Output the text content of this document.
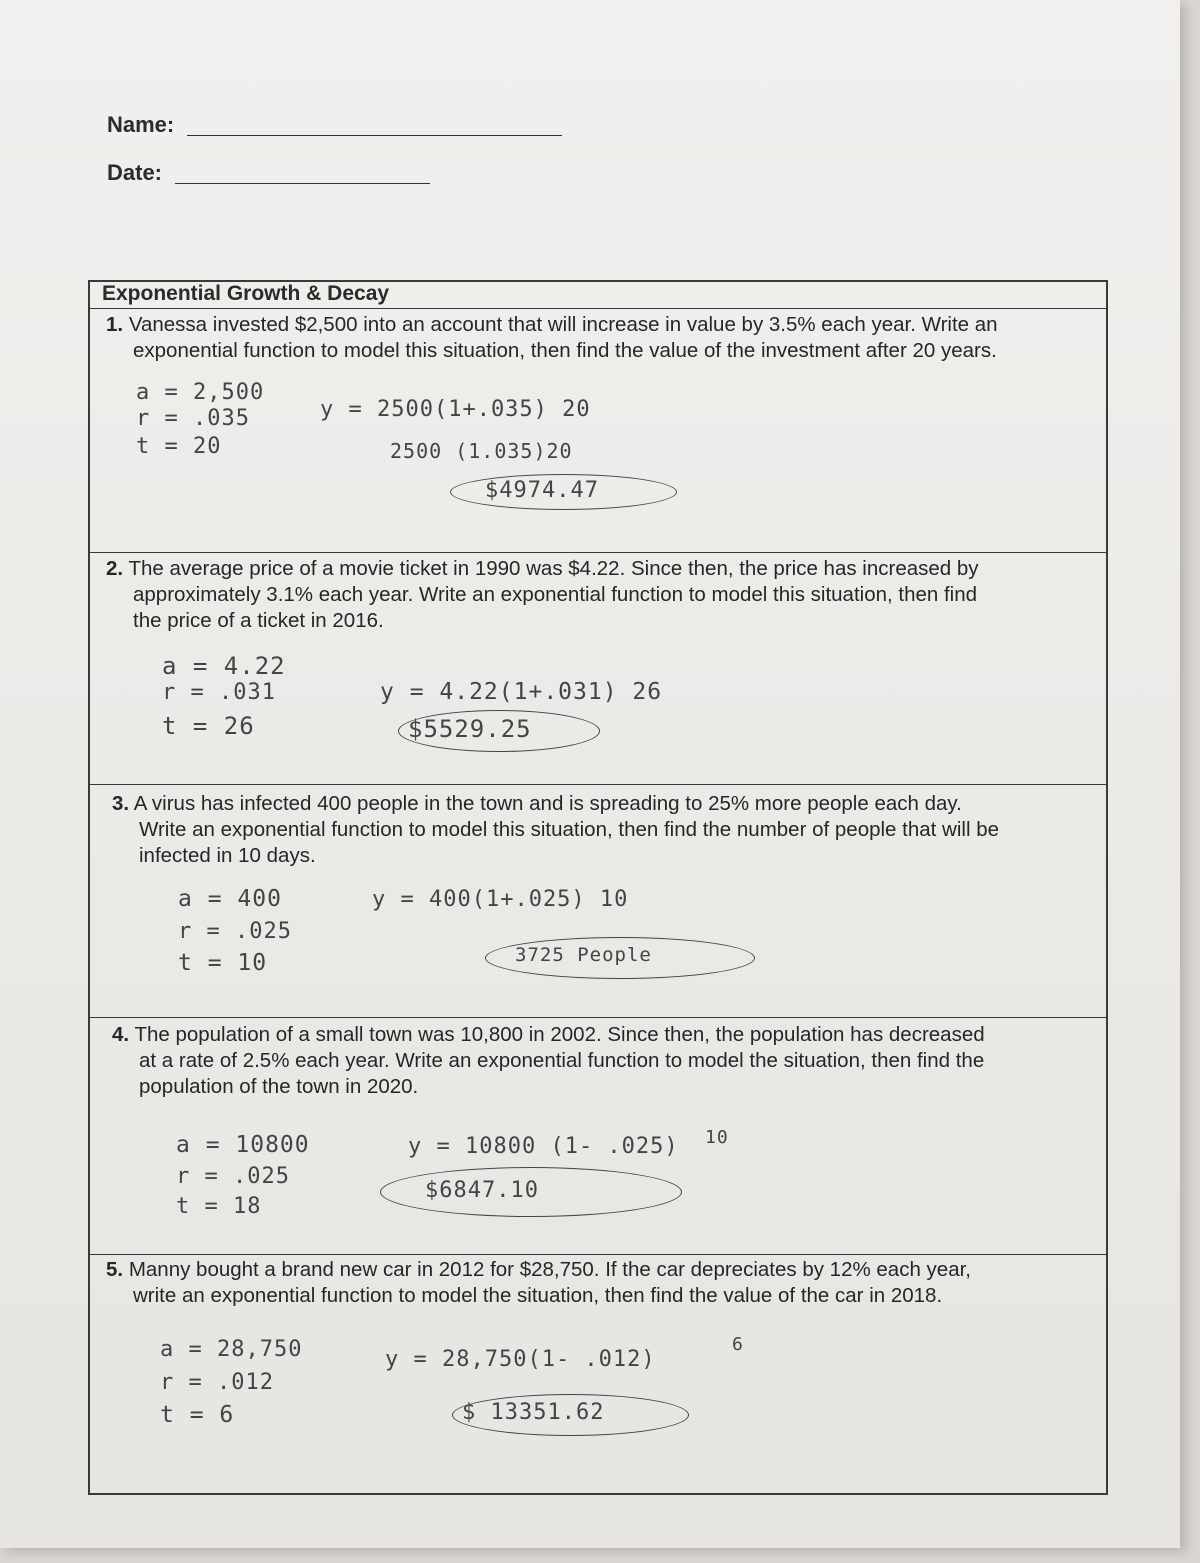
Name:
Date:
Exponential Growth & Decay
1. Vanessa invested $2,500 into an account that will increase in value by 3.5% each year. Write an
exponential function to model this situation, then find the value of the investment after 20 years.
a = 2,500
r = .035
t = 20
y = 2500(1+.035) 20
2500 (1.035)20
$4974.47
2. The average price of a movie ticket in 1990 was $4.22. Since then, the price has increased by
approximately 3.1% each year. Write an exponential function to model this situation, then find
the price of a ticket in 2016.
a = 4.22
r = .031
t = 26
y = 4.22(1+.031) 26
$5529.25
3. A virus has infected 400 people in the town and is spreading to 25% more people each day.
Write an exponential function to model this situation, then find the number of people that will be
infected in 10 days.
a = 400
r = .025
t = 10
y = 400(1+.025) 10
3725 People
4. The population of a small town was 10,800 in 2002. Since then, the population has decreased
at a rate of 2.5% each year. Write an exponential function to model the situation, then find the
population of the town in 2020.
a = 10800
r = .025
t = 18
y = 10800 (1- .025) 10
$6847.10
5. Manny bought a brand new car in 2012 for $28,750. If the car depreciates by 12% each year,
write an exponential function to model the situation, then find the value of the car in 2018.
a = 28,750
r = .012
t = 6
y = 28,750(1- .012)
6
$ 13351.62
